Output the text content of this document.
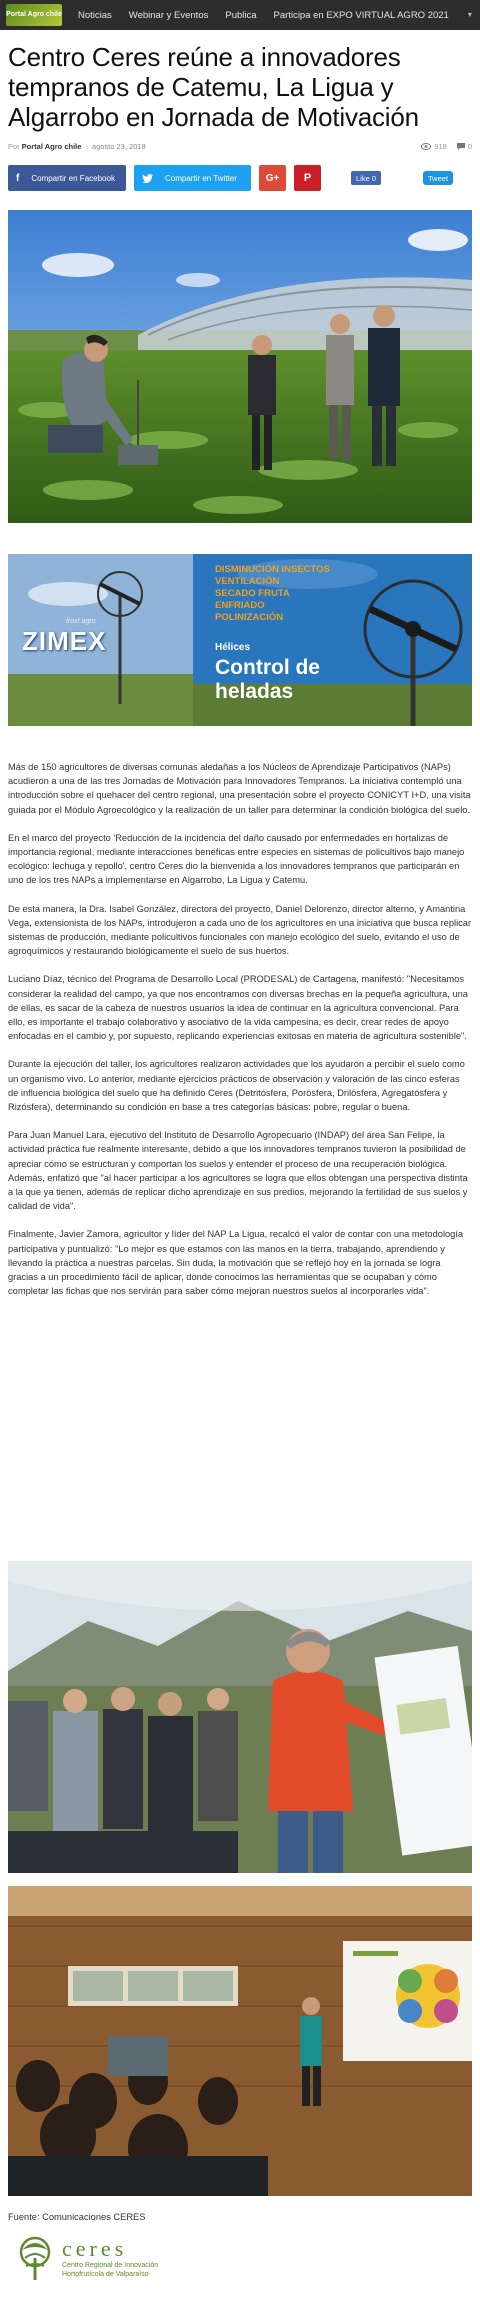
Portal Agro chile Noticias Webinar y Eventos Publica Participa en EXPO VIRTUAL AGRO 2021 ▾
Centro Ceres reúne a innovadores tempranos de Catemu, La Ligua y Algarrobo en Jornada de Motivación
Por Portal Agro chile - agosto 23, 2018	918	0
f Compartir en Facebook	Compartir en Twitter	G+ P	Like 0	Tweet
frost agro
ZIMEX
DISMINUCIÓN INSECTOS
VENTILACIÓN
SECADO FRUTA
ENFRIADO
POLINIZACIÓN
Hélices
Control de
heladas

Más de 150 agricultores de diversas comunas aledañas a los Núcleos de Aprendizaje Participativos (NAPs) acudieron a una de las tres Jornadas de Motivación para Innovadores Tempranos. La iniciativa contempló una introducción sobre el quehacer del centro regional, una presentación sobre el proyecto CONICYT I+D, una visita guiada por el Módulo Agroecológico y la realización de un taller para determinar la condición biológica del suelo.

En el marco del proyecto 'Reducción de la incidencia del daño causado por enfermedades en hortalizas de importancia regional, mediante interacciones benéficas entre especies en sistemas de policultivos bajo manejo ecológico: lechuga y repollo', centro Ceres dio la bienvenida a los innovadores tempranos que participarán en uno de los tres NAPs a implementarse en Algarrobo, La Ligua y Catemu.

De esta manera, la Dra. Isabel González, directora del proyecto, Daniel Delorenzo, director alterno, y Amantina Vega, extensionista de los NAPs, introdujeron a cada uno de los agricultores en una iniciativa que busca replicar sistemas de producción, mediante policultivos funcionales con manejo ecológico del suelo, evitando el uso de agroquímicos y restaurando biológicamente el suelo de sus huertos.

Luciano Díaz, técnico del Programa de Desarrollo Local (PRODESAL) de Cartagena, manifestó: "Necesitamos considerar la realidad del campo, ya que nos encontramos con diversas brechas en la pequeña agricultura, una de ellas, es sacar de la cabeza de nuestros usuarios la idea de continuar en la agricultura convencional. Para ello, es importante el trabajo colaborativo y asociativo de la vida campesina, es decir, crear redes de apoyo enfocadas en el cambio y, por supuesto, replicando experiencias exitosas en materia de agricultura sostenible".

Durante la ejecución del taller, los agricultores realizaron actividades que los ayudaron a percibir el suelo como un organismo vivo. Lo anterior, mediante ejercicios prácticos de observación y valoración de las cinco esferas de influencia biológica del suelo que ha definido Ceres (Detritósfera, Porósfera, Drilósfera, Agregatósfera y Rizósfera), determinando su condición en base a tres categorías básicas: pobre, regular o buena.

Para Juan Manuel Lara, ejecutivo del Instituto de Desarrollo Agropecuario (INDAP) del área San Felipe, la actividad práctica fue realmente interesante, debido a que los innovadores tempranos tuvieron la posibilidad de apreciar cómo se estructuran y comportan los suelos y entender el proceso de una recuperación biológica. Además, enfatizó que "al hacer participar a los agricultores se logra que ellos obtengan una perspectiva distinta a la que ya tienen, además de replicar dicho aprendizaje en sus predios, mejorando la fertilidad de sus suelos y calidad de vida".

Finalmente, Javier Zamora, agricultor y líder del NAP La Ligua, recalcó el valor de contar con una metodología participativa y puntualizó: "Lo mejor es que estamos con las manos en la tierra, trabajando, aprendiendo y llevando la práctica a nuestras parcelas. Sin duda, la motivación que se reflejó hoy en la jornada se logra gracias a un procedimiento fácil de aplicar, donde conocimos las herramientas que se ocupaban y cómo completar las fichas que nos servirán para saber cómo mejoran nuestros suelos al incorporarles vida".

Fuente: Comunicaciones CERES
ceres
Centro Regional de Innovación
Hortofrutícola de Valparaíso
